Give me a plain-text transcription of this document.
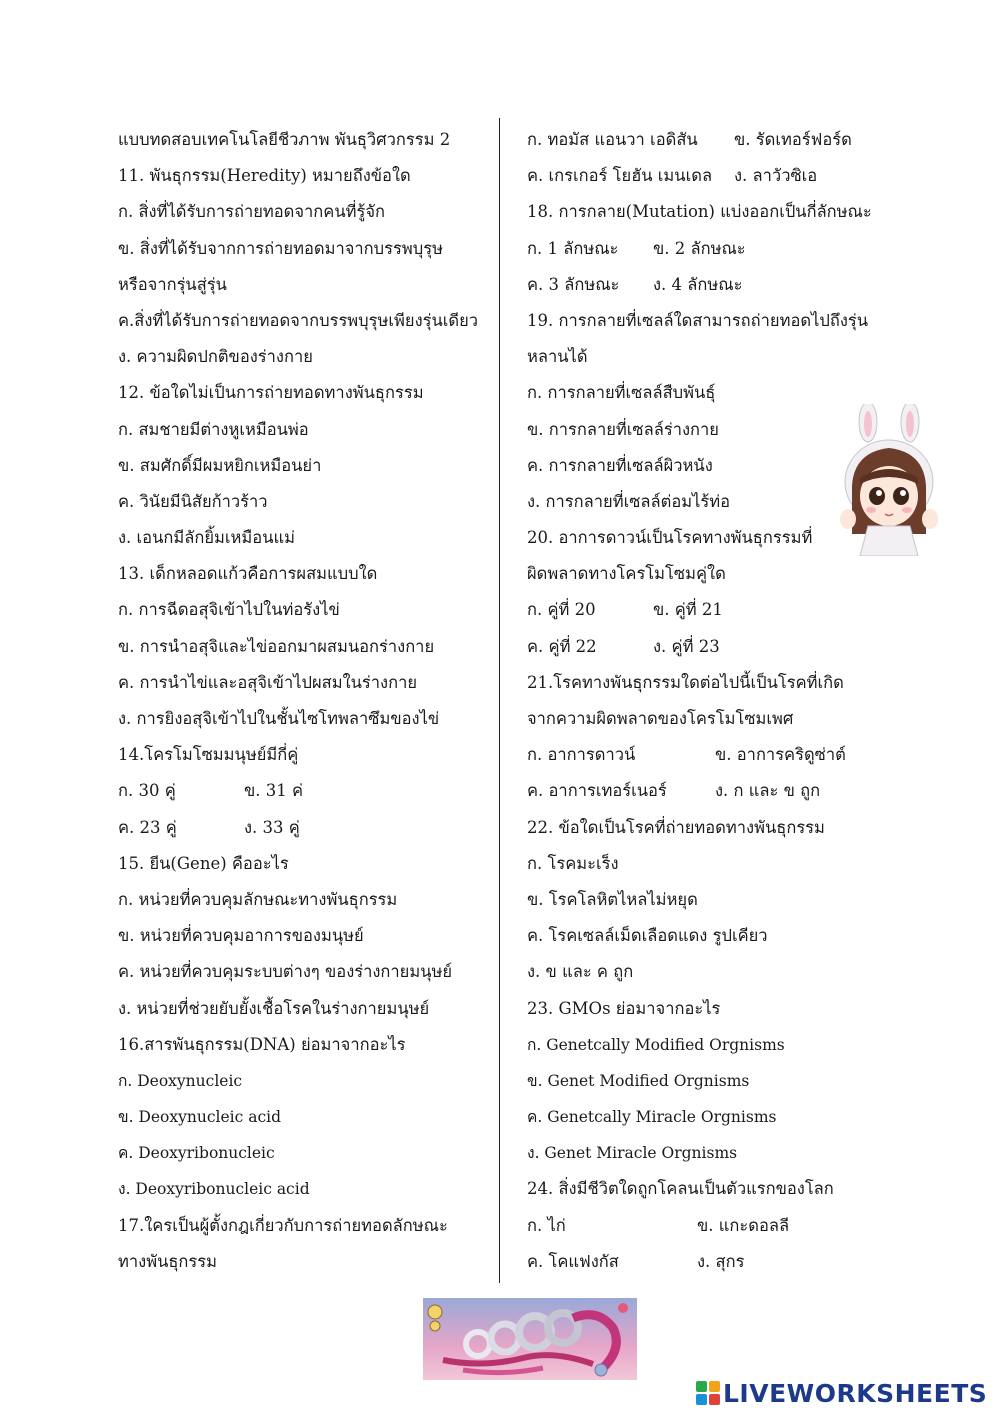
แบบทดสอบเทคโนโลยีชีวภาพ พันธุวิศวกรรม 2
11. พันธุกรรม(Heredity) หมายถึงข้อใด
ก. สิ่งที่ได้รับการถ่ายทอดจากคนที่รู้จัก
ข. สิ่งที่ได้รับจากการถ่ายทอดมาจากบรรพบุรุษ
หรือจากรุ่นสู่รุ่น
ค.สิ่งที่ได้รับการถ่ายทอดจากบรรพบุรุษเพียงรุ่นเดียว
ง. ความผิดปกติของร่างกาย
12. ข้อใดไม่เป็นการถ่ายทอดทางพันธุกรรม
ก. สมชายมีต่างหูเหมือนพ่อ
ข. สมศักดิ์มีผมหยิกเหมือนย่า
ค. วินัยมีนิสัยก้าวร้าว
ง. เอนกมีลักยิ้มเหมือนแม่
13. เด็กหลอดแก้วคือการผสมแบบใด
ก. การฉีดอสุจิเข้าไปในท่อรังไข่
ข. การนำอสุจิและไข่ออกมาผสมนอกร่างกาย
ค. การนำไข่และอสุจิเข้าไปผสมในร่างกาย
ง. การยิงอสุจิเข้าไปในชั้นไซโทพลาซึมของไข่
14.โครโมโซมมนุษย์มีกี่คู่
ก. 30 คู่	ข. 31 ค่
ค. 23 คู่	ง. 33 คู่
15. ยีน(Gene) คืออะไร
ก. หน่วยที่ควบคุมลักษณะทางพันธุกรรม
ข. หน่วยที่ควบคุมอาการของมนุษย์
ค. หน่วยที่ควบคุมระบบต่างๆ ของร่างกายมนุษย์
ง. หน่วยที่ช่วยยับยั้งเชื้อโรคในร่างกายมนุษย์
16.สารพันธุกรรม(DNA) ย่อมาจากอะไร
ก. Deoxynucleic
ข. Deoxynucleic acid
ค. Deoxyribonucleic
ง. Deoxyribonucleic acid
17.ใครเป็นผู้ตั้งกฎเกี่ยวกับการถ่ายทอดลักษณะ
ทางพันธุกรรม
ก. ทอมัส แอนวา เอดิสัน	ข. รัดเทอร์ฟอร์ด
ค. เกรเกอร์ โยฮัน เมนเดล	ง. ลาวัวซิเอ
18. การกลาย(Mutation) แบ่งออกเป็นกี่ลักษณะ
ก. 1 ลักษณะ	ข. 2 ลักษณะ
ค. 3 ลักษณะ	ง. 4 ลักษณะ
19. การกลายที่เซลล์ใดสามารถถ่ายทอดไปถึงรุ่น
หลานได้
ก. การกลายที่เซลล์สืบพันธุ์
ข. การกลายที่เซลล์ร่างกาย
ค. การกลายที่เซลล์ผิวหนัง
ง. การกลายที่เซลล์ต่อมไร้ท่อ
20. อาการดาวน์เป็นโรคทางพันธุกรรมที่
ผิดพลาดทางโครโมโซมคู่ใด
ก. คู่ที่ 20	ข. คู่ที่ 21
ค. คู่ที่ 22	ง. คู่ที่ 23
21.โรคทางพันธุกรรมใดต่อไปนี้เป็นโรคที่เกิด
จากความผิดพลาดของโครโมโซมเพศ
ก. อาการดาวน์	ข. อาการคริดูซ่าต์
ค. อาการเทอร์เนอร์	ง. ก และ ข ถูก
22. ข้อใดเป็นโรคที่ถ่ายทอดทางพันธุกรรม
ก. โรคมะเร็ง
ข. โรคโลหิตไหลไม่หยุด
ค. โรคเซลล์เม็ดเลือดแดง รูปเคียว
ง. ข และ ค ถูก
23. GMOs ย่อมาจากอะไร
ก. Genetcally Modified Orgnisms
ข. Genet Modified Orgnisms
ค. Genetcally Miracle Orgnisms
ง. Genet Miracle Orgnisms
24. สิ่งมีชีวิตใดถูกโคลนเป็นตัวแรกของโลก
ก. ไก่	ข. แกะดอลลี
ค. โคแฟงกัส	ง. สุกร
LIVEWORKSHEETS
